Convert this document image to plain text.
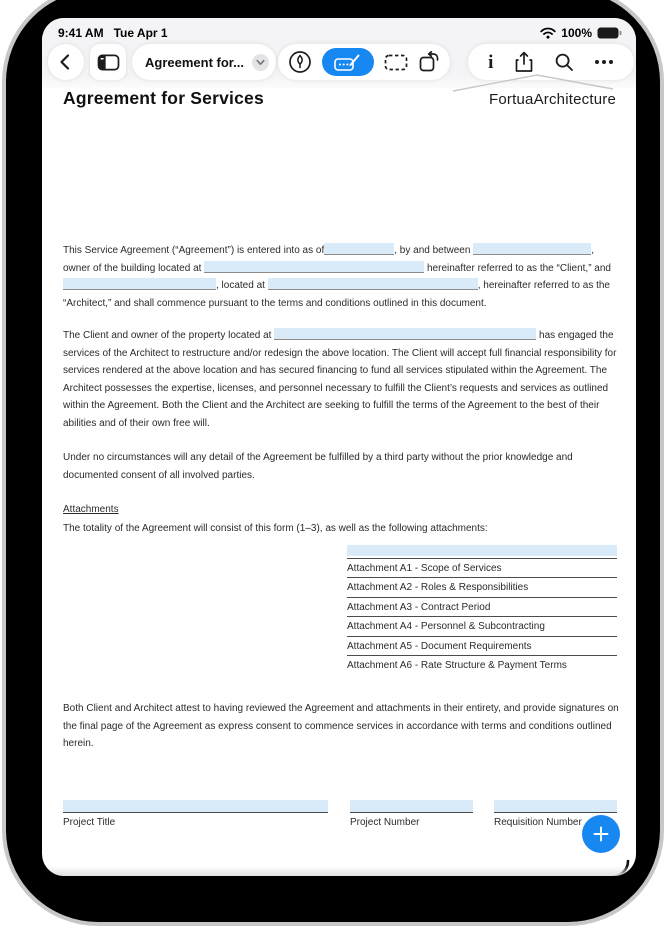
9:41 AM Tue Apr 1	100%
Agreement for...	i
Agreement for Services	FortuaArchitecture

This Service Agreement (“Agreement”) is entered into as of	, by and between	, owner of the building located at	hereinafter referred to as the “Client,” and , located at	, hereinafter referred to as the “Architect,” and shall commence pursuant to the terms and conditions outlined in this document.

The Client and owner of the property located at	has engaged the services of the Architect to restructure and/or redesign the above location. The Client will accept full financial responsibility for services rendered at the above location and has secured financing to fund all services stipulated within the Agreement. The Architect possesses the expertise, licenses, and personnel necessary to fulfill the Client’s requests and services as outlined within the Agreement. Both the Client and the Architect are seeking to fulfill the terms of the Agreement to the best of their abilities and of their own free will.

Under no circumstances will any detail of the Agreement be fulfilled by a third party without the prior knowledge and documented consent of all involved parties.

Attachments
The totality of the Agreement will consist of this form (1–3), as well as the following attachments:
Attachment A1 - Scope of Services
Attachment A2 - Roles & Responsibilities
Attachment A3 - Contract Period
Attachment A4 - Personnel & Subcontracting
Attachment A5 - Document Requirements
Attachment A6 - Rate Structure & Payment Terms

Both Client and Architect attest to having reviewed the Agreement and attachments in their entirety, and provide signatures on the final page of the Agreement as express consent to commence services in accordance with terms and conditions outlined herein.

Project Title	Project Number	Requisition Number
